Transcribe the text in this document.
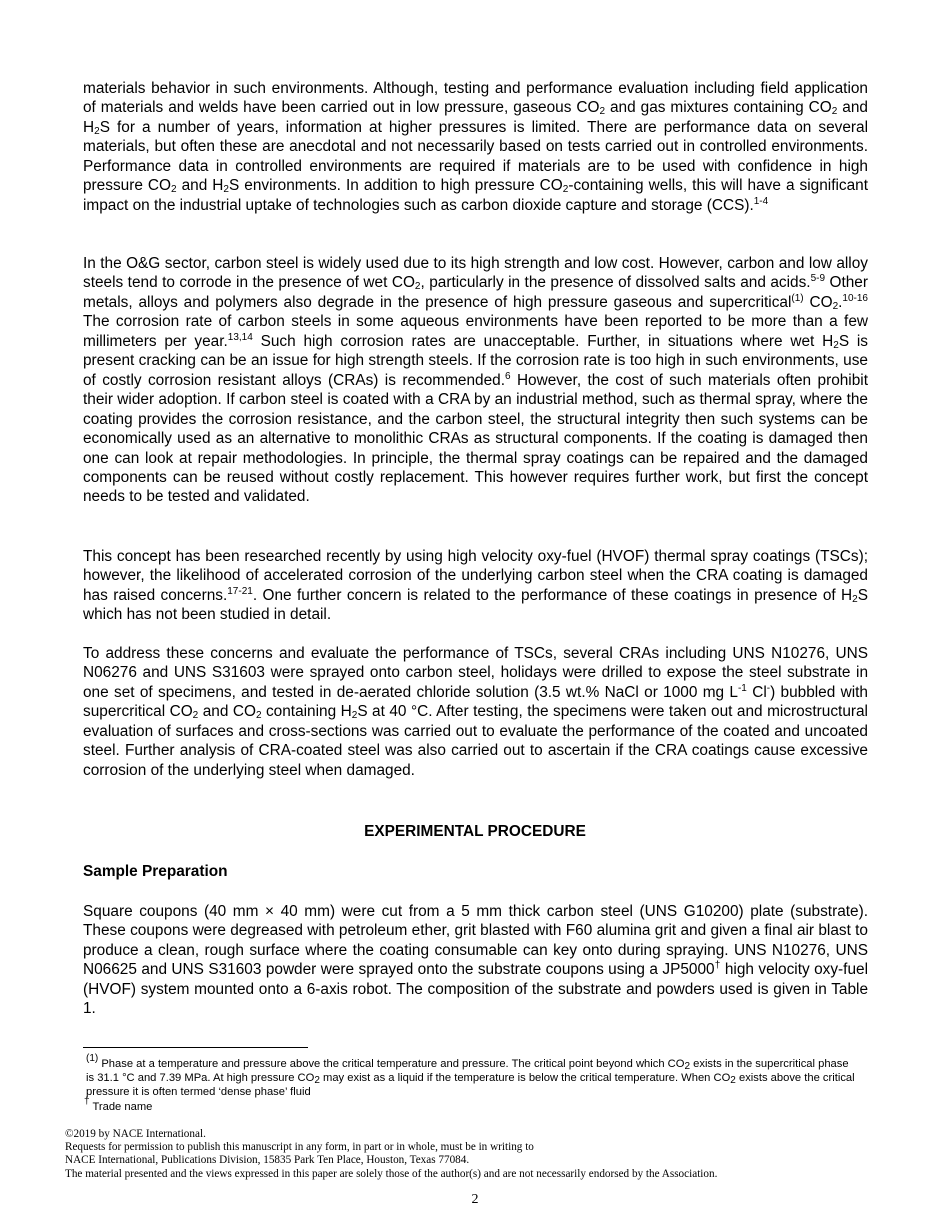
materials behavior in such environments. Although, testing and performance evaluation including field application of materials and welds have been carried out in low pressure, gaseous $CO_2$ and gas mixtures containing $CO_2$ and $H_2S$ for a number of years, information at higher pressures is limited. There are performance data on several materials, but often these are anecdotal and not necessarily based on tests carried out in controlled environments. Performance data in controlled environments are required if materials are to be used with confidence in high pressure $CO_2$ and $H_2S$ environments. In addition to high pressure $CO_2$-containing wells, this will have a significant impact on the industrial uptake of technologies such as carbon dioxide capture and storage (CCS).$^{1-4}$
In the O&G sector, carbon steel is widely used due to its high strength and low cost. However, carbon and low alloy steels tend to corrode in the presence of wet $CO_2$, particularly in the presence of dissolved salts and acids.$^{5-9}$ Other metals, alloys and polymers also degrade in the presence of high pressure gaseous and supercritical$^{(1)}$ $CO_2.^{10-16}$ The corrosion rate of carbon steels in some aqueous environments have been reported to be more than a few millimeters per year.$^{13,14}$ Such high corrosion rates are unacceptable. Further, in situations where wet $H_2S$ is present cracking can be an issue for high strength steels. If the corrosion rate is too high in such environments, use of costly corrosion resistant alloys (CRAs) is recommended.$^6$ However, the cost of such materials often prohibit their wider adoption. If carbon steel is coated with a CRA by an industrial method, such as thermal spray, where the coating provides the corrosion resistance, and the carbon steel, the structural integrity then such systems can be economically used as an alternative to monolithic CRAs as structural components. If the coating is damaged then one can look at repair methodologies. In principle, the thermal spray coatings can be repaired and the damaged components can be reused without costly replacement. This however requires further work, but first the concept needs to be tested and validated.
This concept has been researched recently by using high velocity oxy-fuel (HVOF) thermal spray coatings (TSCs); however, the likelihood of accelerated corrosion of the underlying carbon steel when the CRA coating is damaged has raised concerns.$^{17-21}$. One further concern is related to the performance of these coatings in presence of $H_2S$ which has not been studied in detail.
To address these concerns and evaluate the performance of TSCs, several CRAs including UNS N10276, UNS N06276 and UNS S31603 were sprayed onto carbon steel, holidays were drilled to expose the steel substrate in one set of specimens, and tested in de-aerated chloride solution (3.5 wt.% NaCl or 1000 mg $L^{-1}$ Cl-) bubbled with supercritical $CO_2$ and $CO_2$ containing $H_2S$ at 40 °C. After testing, the specimens were taken out and microstructural evaluation of surfaces and cross-sections was carried out to evaluate the performance of the coated and uncoated steel. Further analysis of CRA-coated steel was also carried out to ascertain if the CRA coatings cause excessive corrosion of the underlying steel when damaged.
EXPERIMENTAL PROCEDURE
Sample Preparation
Square coupons (40 mm × 40 mm) were cut from a 5 mm thick carbon steel (UNS G10200) plate (substrate). These coupons were degreased with petroleum ether, grit blasted with F60 alumina grit and given a final air blast to produce a clean, rough surface where the coating consumable can key onto during spraying. UNS N10276, UNS N06625 and UNS S31603 powder were sprayed onto the substrate coupons using a JP5000† high velocity oxy-fuel (HVOF) system mounted onto a 6-axis robot. The composition of the substrate and powders used is given in Table 1.
$^{(1)}$ Phase at a temperature and pressure above the critical temperature and pressure. The critical point beyond which $CO_2$ exists in the supercritical phase is 31.1 °C and 7.39 MPa. At high pressure $CO_2$ may exist as a liquid if the temperature is below the critical temperature. When $CO_2$ exists above the critical pressure it is often termed ‘dense phase’ fluid
† Trade name
©2019 by NACE International.
Requests for permission to publish this manuscript in any form, in part or in whole, must be in writing to
NACE International, Publications Division, 15835 Park Ten Place, Houston, Texas 77084.
The material presented and the views expressed in this paper are solely those of the author(s) and are not necessarily endorsed by the Association.
2
